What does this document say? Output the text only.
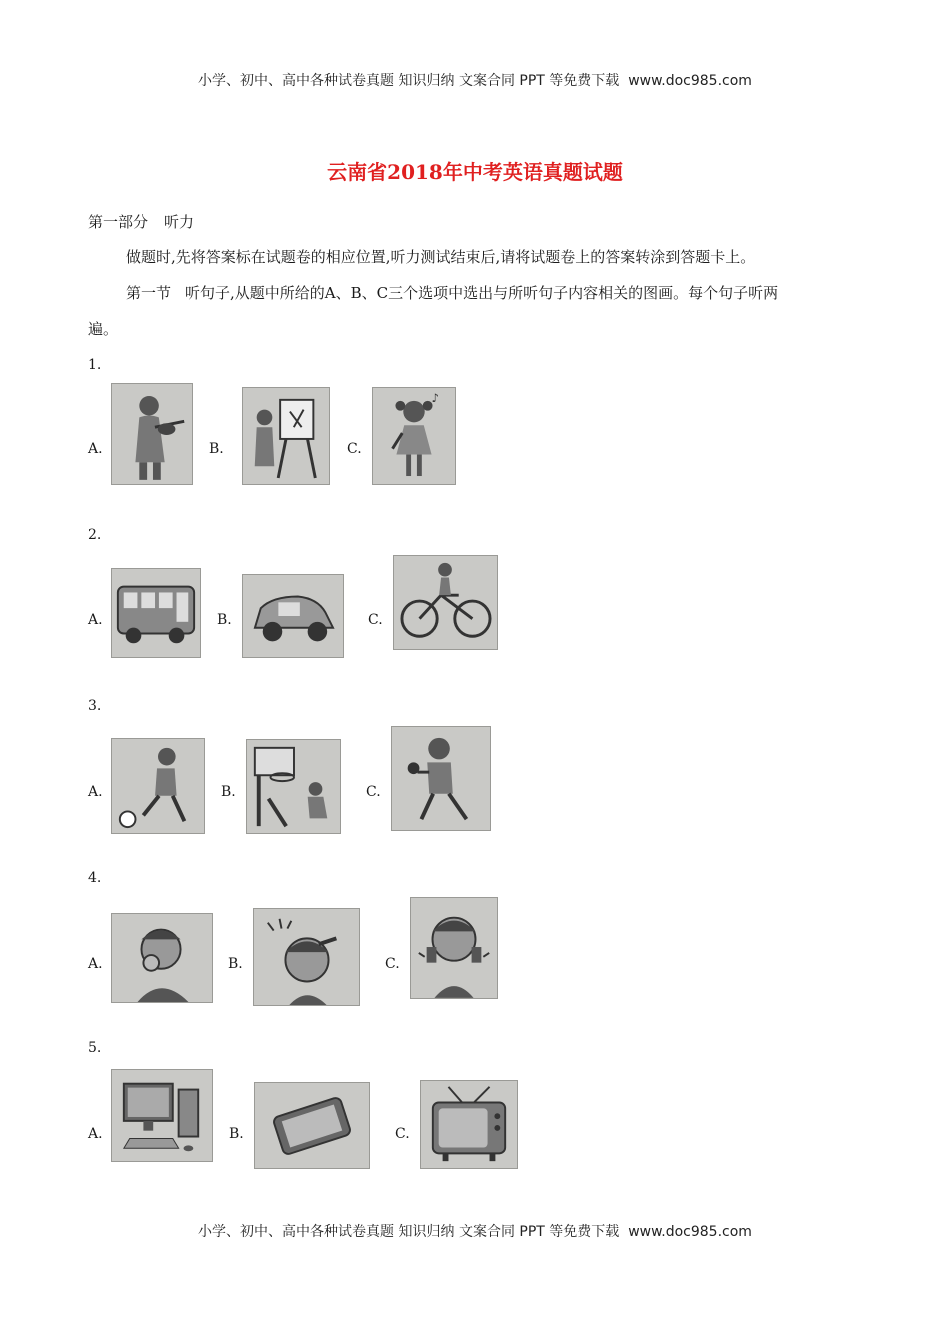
小学、初中、高中各种试卷真题 知识归纳 文案合同 PPT 等免费下载 www.doc985.com
云南省2018年中考英语真题试题
第一部分 听力
做题时,先将答案标在试题卷的相应位置,听力测试结束后,请将试题卷上的答案转涂到答题卡上。
第一节 听句子,从题中所给的A、B、C三个选项中选出与所听句子内容相关的图画。每个句子听两
遍。
1.
A.	B.	C.
♪
2.
A.	B.	C.
3.
A.	B.	C.
4.
A.	B.	C.
5.
A.	B.	C.
小学、初中、高中各种试卷真题 知识归纳 文案合同 PPT 等免费下载 www.doc985.com
